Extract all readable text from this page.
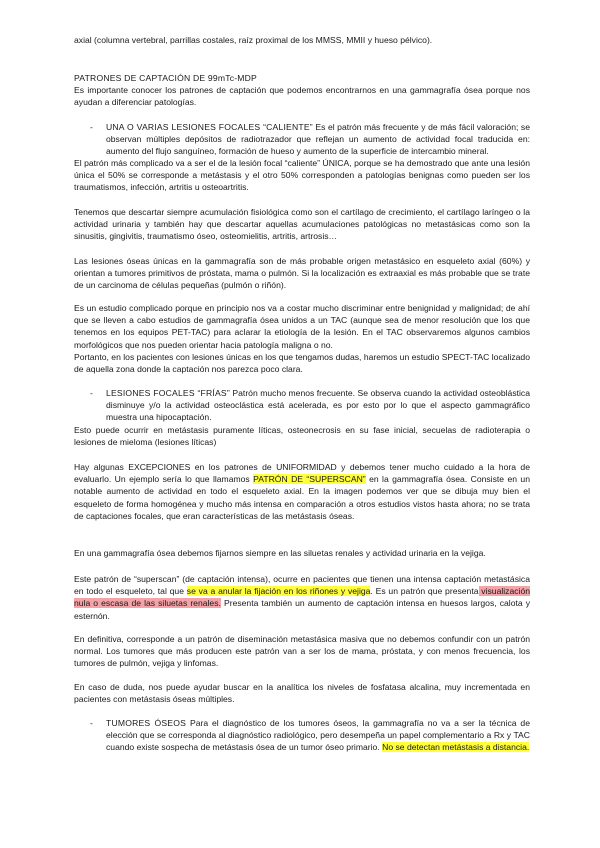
axial (columna vertebral, parrillas costales, raíz proximal de los MMSS, MMII y hueso pélvico).

PATRONES DE CAPTACIÓN DE 99mTc-MDP

Es importante conocer los patrones de captación que podemos encontrarnos en una gammagrafía ósea porque nos ayudan a diferenciar patologías.

-	UNA O VARIAS LESIONES FOCALES “CALIENTE” Es el patrón más frecuente y de más fácil valoración; se observan múltiples depósitos de radiotrazador que reflejan un aumento de actividad focal traducida en: aumento del flujo sanguíneo, formación de hueso y aumento de la superficie de intercambio mineral.

El patrón más complicado va a ser el de la lesión focal “caliente” ÚNICA, porque se ha demostrado que ante una lesión única el 50% se corresponde a metástasis y el otro 50% corresponden a patologías benignas como pueden ser los traumatismos, infección, artritis u osteoartritis.

Tenemos que descartar siempre acumulación fisiológica como son el cartílago de crecimiento, el cartílago laríngeo o la actividad urinaria y también hay que descartar aquellas acumulaciones patológicas no metastásicas como son la sinusitis, gingivitis, traumatismo óseo, osteomielitis, artritis, artrosis…

Las lesiones óseas únicas en la gammagrafía son de más probable origen metastásico en esqueleto axial (60%) y orientan a tumores primitivos de próstata, mama o pulmón. Si la localización es extraaxial es más probable que se trate de un carcinoma de células pequeñas (pulmón o riñón).

Es un estudio complicado porque en principio nos va a costar mucho discriminar entre benignidad y malignidad; de ahí que se lleven a cabo estudios de gammagrafía ósea unidos a un TAC (aunque sea de menor resolución que los que tenemos en los equipos PET-TAC) para aclarar la etiología de la lesión. En el TAC observaremos algunos cambios morfológicos que nos pueden orientar hacia patología maligna o no.

Portanto, en los pacientes con lesiones únicas en los que tengamos dudas, haremos un estudio SPECT-TAC localizado de aquella zona donde la captación nos parezca poco clara.

-	LESIONES FOCALES “FRÍAS” Patrón mucho menos frecuente. Se observa cuando la actividad osteoblástica disminuye y/o la actividad osteoclástica está acelerada, es por esto por lo que el aspecto gammagráfico muestra una hipocaptación.

Esto puede ocurrir en metástasis puramente líticas, osteonecrosis en su fase inicial, secuelas de radioterapia o lesiones de mieloma (lesiones líticas)

Hay algunas EXCEPCIONES en los patrones de UNIFORMIDAD y debemos tener mucho cuidado a la hora de evaluarlo. Un ejemplo sería lo que llamamos PATRÓN DE “SUPERSCAN” en la gammagrafía ósea. Consiste en un notable aumento de actividad en todo el esqueleto axial. En la imagen podemos ver que se dibuja muy bien el esqueleto de forma homogénea y mucho más intensa en comparación a otros estudios vistos hasta ahora; no se trata de captaciones focales, que eran características de las metástasis óseas.

En una gammagrafía ósea debemos fijarnos siempre en las siluetas renales y actividad urinaria en la vejiga.

Este patrón de “superscan” (de captación intensa), ocurre en pacientes que tienen una intensa captación metastásica en todo el esqueleto, tal que se va a anular la fijación en los riñones y vejiga. Es un patrón que presenta visualización nula o escasa de las siluetas renales. Presenta también un aumento de captación intensa en huesos largos, calota y esternón.

En definitiva, corresponde a un patrón de diseminación metastásica masiva que no debemos confundir con un patrón normal. Los tumores que más producen este patrón van a ser los de mama, próstata, y con menos frecuencia, los tumores de pulmón, vejiga y linfomas.

En caso de duda, nos puede ayudar buscar en la analítica los niveles de fosfatasa alcalina, muy incrementada en pacientes con metástasis óseas múltiples.

-	TUMORES ÓSEOS Para el diagnóstico de los tumores óseos, la gammagrafía no va a ser la técnica de elección que se corresponda al diagnóstico radiológico, pero desempeña un papel complementario a Rx y TAC cuando existe sospecha de metástasis ósea de un tumor óseo primario. No se detectan metástasis a distancia.
